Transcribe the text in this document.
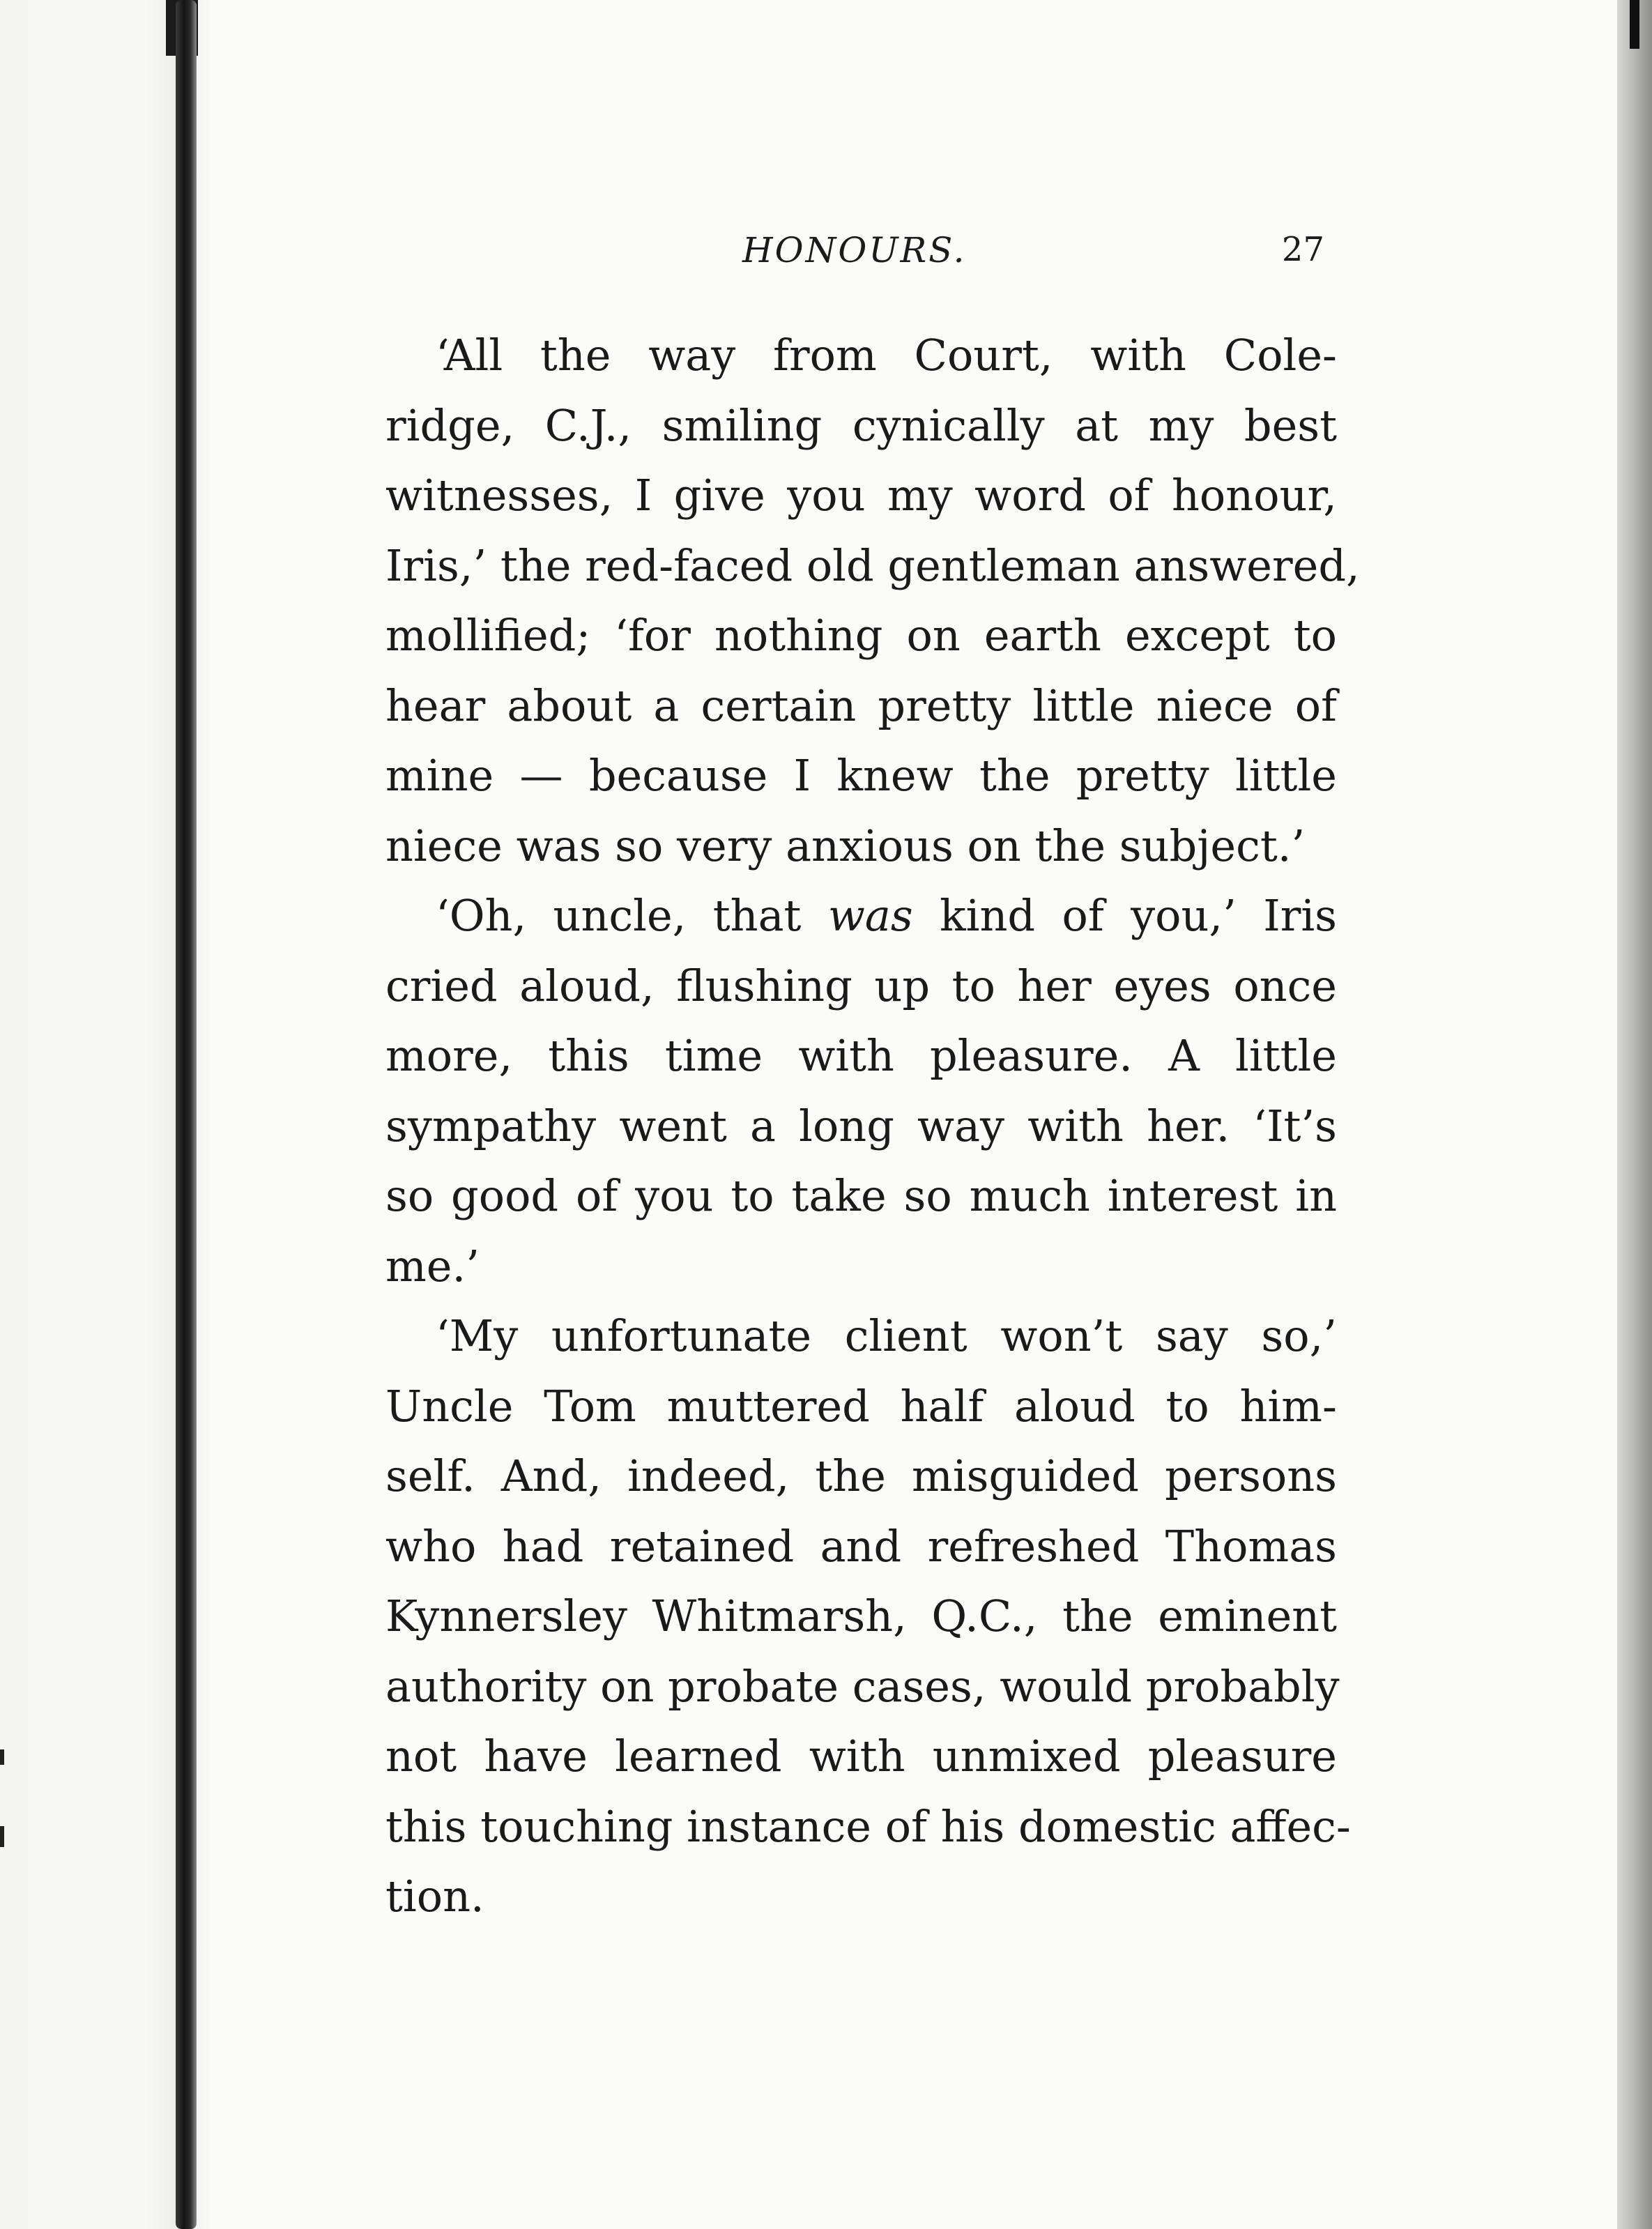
HONOURS.	27
‘All the way from Court, with Cole-
ridge, C.J., smiling cynically at my best
witnesses, I give you my word of honour,
Iris,’ the red-faced old gentleman answered,
mollified; ‘for nothing on earth except to
hear about a certain pretty little niece of
mine — because I knew the pretty little
niece was so very anxious on the subject.’
‘Oh, uncle, that was kind of you,’ Iris
cried aloud, flushing up to her eyes once
more, this time with pleasure. A little
sympathy went a long way with her. ‘It’s
so good of you to take so much interest in
me.’
‘My unfortunate client won’t say so,’
Uncle Tom muttered half aloud to him-
self. And, indeed, the misguided persons
who had retained and refreshed Thomas
Kynnersley Whitmarsh, Q.C., the eminent
authority on probate cases, would probably
not have learned with unmixed pleasure
this touching instance of his domestic affec-
tion.
